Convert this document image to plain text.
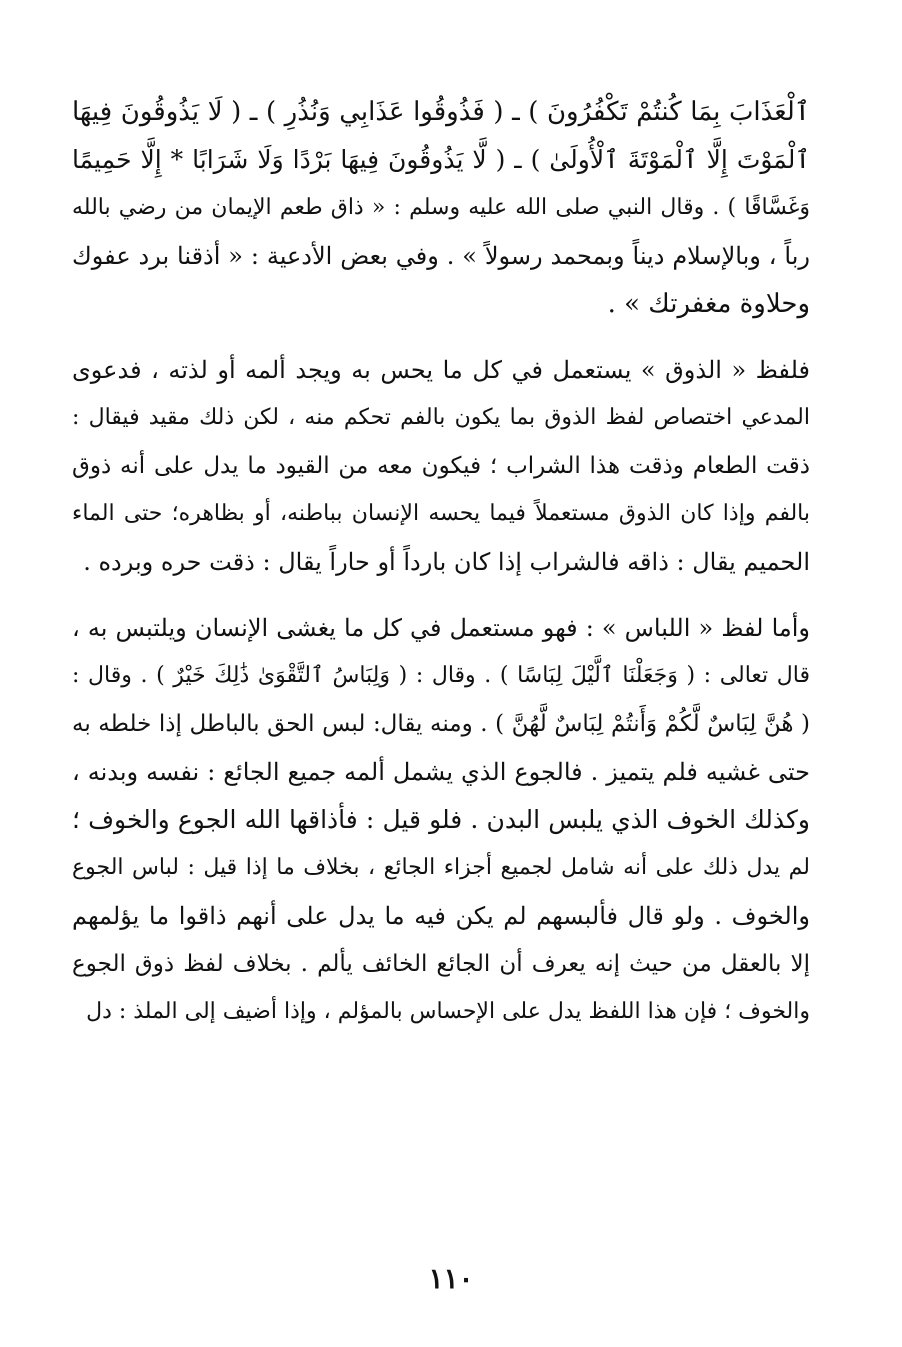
ٱلْعَذَابَ بِمَا كُنتُمْ تَكْفُرُونَ ) ـ ( فَذُوقُوا عَذَابِي وَنُذُرِ ) ـ ( لَا يَذُوقُونَ فِيهَا
ٱلْمَوْتَ إِلَّا ٱلْمَوْتَةَ ٱلْأُولَىٰ ) ـ ( لَّا يَذُوقُونَ فِيهَا بَرْدًا وَلَا شَرَابًا * إِلَّا حَمِيمًا
وَغَسَّاقًا ) . وقال النبي صلى الله عليه وسلم : « ذاق طعم الإيمان من رضي بالله
رباً ، وبالإسلام ديناً وبمحمد رسولاً » . وفي بعض الأدعية : « أذقنا برد عفوك
وحلاوة مغفرتك » .
فلفظ « الذوق » يستعمل في كل ما يحس به ويجد ألمه أو لذته ، فدعوى
المدعي اختصاص لفظ الذوق بما يكون بالفم تحكم منه ، لكن ذلك مقيد فيقال :
ذقت الطعام وذقت هذا الشراب ؛ فيكون معه من القيود ما يدل على أنه ذوق
بالفم وإذا كان الذوق مستعملاً فيما يحسه الإنسان بباطنه، أو بظاهره؛ حتى الماء
الحميم يقال : ذاقه فالشراب إذا كان بارداً أو حاراً يقال : ذقت حره وبرده .
وأما لفظ « اللباس » : فهو مستعمل في كل ما يغشى الإنسان ويلتبس به ،
قال تعالى : ( وَجَعَلْنَا ٱلَّيْلَ لِبَاسًا ) . وقال : ( وَلِبَاسُ ٱلتَّقْوَىٰ ذَٰلِكَ خَيْرٌ ) . وقال :
( هُنَّ لِبَاسٌ لَّكُمْ وَأَنتُمْ لِبَاسٌ لَّهُنَّ ) . ومنه يقال: لبس الحق بالباطل إذا خلطه به
حتى غشيه فلم يتميز . فالجوع الذي يشمل ألمه جميع الجائع : نفسه وبدنه ،
وكذلك الخوف الذي يلبس البدن . فلو قيل : فأذاقها الله الجوع والخوف ؛
لم يدل ذلك على أنه شامل لجميع أجزاء الجائع ، بخلاف ما إذا قيل : لباس الجوع
والخوف . ولو قال فألبسهم لم يكن فيه ما يدل على أنهم ذاقوا ما يؤلمهم
إلا بالعقل من حيث إنه يعرف أن الجائع الخائف يألم . بخلاف لفظ ذوق الجوع
والخوف ؛ فإن هذا اللفظ يدل على الإحساس بالمؤلم ، وإذا أضيف إلى الملذ : دل
١١٠
